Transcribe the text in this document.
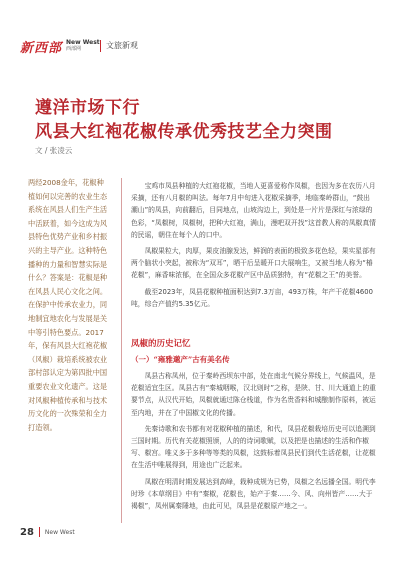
新西部 New West
西部网	文旅新观
遵洋市场下行
风县大红袍花椒传承优秀技艺全力突围
文 / 张凌云
两经2008金年，花椒种植如何以完善的农业生态系统在风县人们生产生活中活跃着，如今这成为风县特色优势产业和乡村振兴的主导产业。这种特色播种的力量和智慧实际是什么？答案是：花椒是种在风县人民心文化之间。在保护中传承农业力，同地制宜地农化与发展是关中等引特色要点。2017年，保有风县大红袍花椒（风椒）栽培系统被农业部村部认定为第四批中国重要农业文化遗产。这是对风椒种植传承和与技术历文化的一次殊荣和全力打造领。

宝鸡市凤县种植的大红袍花椒，当地人更喜爱称作凤椒，也因为多在农历八月采摘，还有八月椒的叫法。每年7月中旬进入花椒采摘季，地临秦岭群山，“鼓出潮山”的凤县，向前翻后，目同地点，山坡沟边上，到处是一片片是深红与浓绿的色彩，“凤椒树，凤椒树，把种大红袍，满山，漫吧双开找”这首教人称的凤椒真情的民谣，朝住在每个人的口中。

凤椒果粒大，肉厚，果皮油腺发达，鲜润的表面的极致多花色轻，果实星部有两个脑状小突起，被称为“双耳”，晒干后呈暖开口大展响生，又被当地人称为“椿花椒”，麻香味浓郁，在全国众多花椒产区中品质独特，有“花椒之王”的美誉。

截至2023年，凤县花椒种植面积达到7.3万亩，493万株，年产干花椒4600吨，综合产值约5.35亿元。

凤椒的历史记忆
（一）“雍雅邈产”古有美名传

凤县古称凤州，位于秦岭西坝东中部，处在南北气候分界线上，气候温风，是花椒适宜生区。凤县古有“秦城咽喉，汉北则时”之称，是陕、甘、川大通道上的重要节点，从汉代开始，凤椒就通过陈仓栈道，作为名贵香料和城酿制作原料，被运至内地，并在了中国椒文化的传播。

先秦诗歌和农书都有对花椒种植的描述，和代，凤县花椒栽培历史可以追溯到三国时期。历代有关花椒照颁，人的的诗词歌赋，以及把是也描述的生活和作椒写、椒宫。唯义多于多种等等类的凤椒，这鼓标着凤县民们到代生活花椒，让花椒在生活中唯展得到，用途也广泛起来。

凤椒在明清时期发展达到高峰，栽种成规为已势，凤椒之名远播全国。明代李时珍《本草纲目》中有“秦椒，花椒也，始产于秦……今、风、向州皆产……大于褐椒”，凤州属秦陲地，由此可见，凤县是花椒原产地之一。

28 New West
